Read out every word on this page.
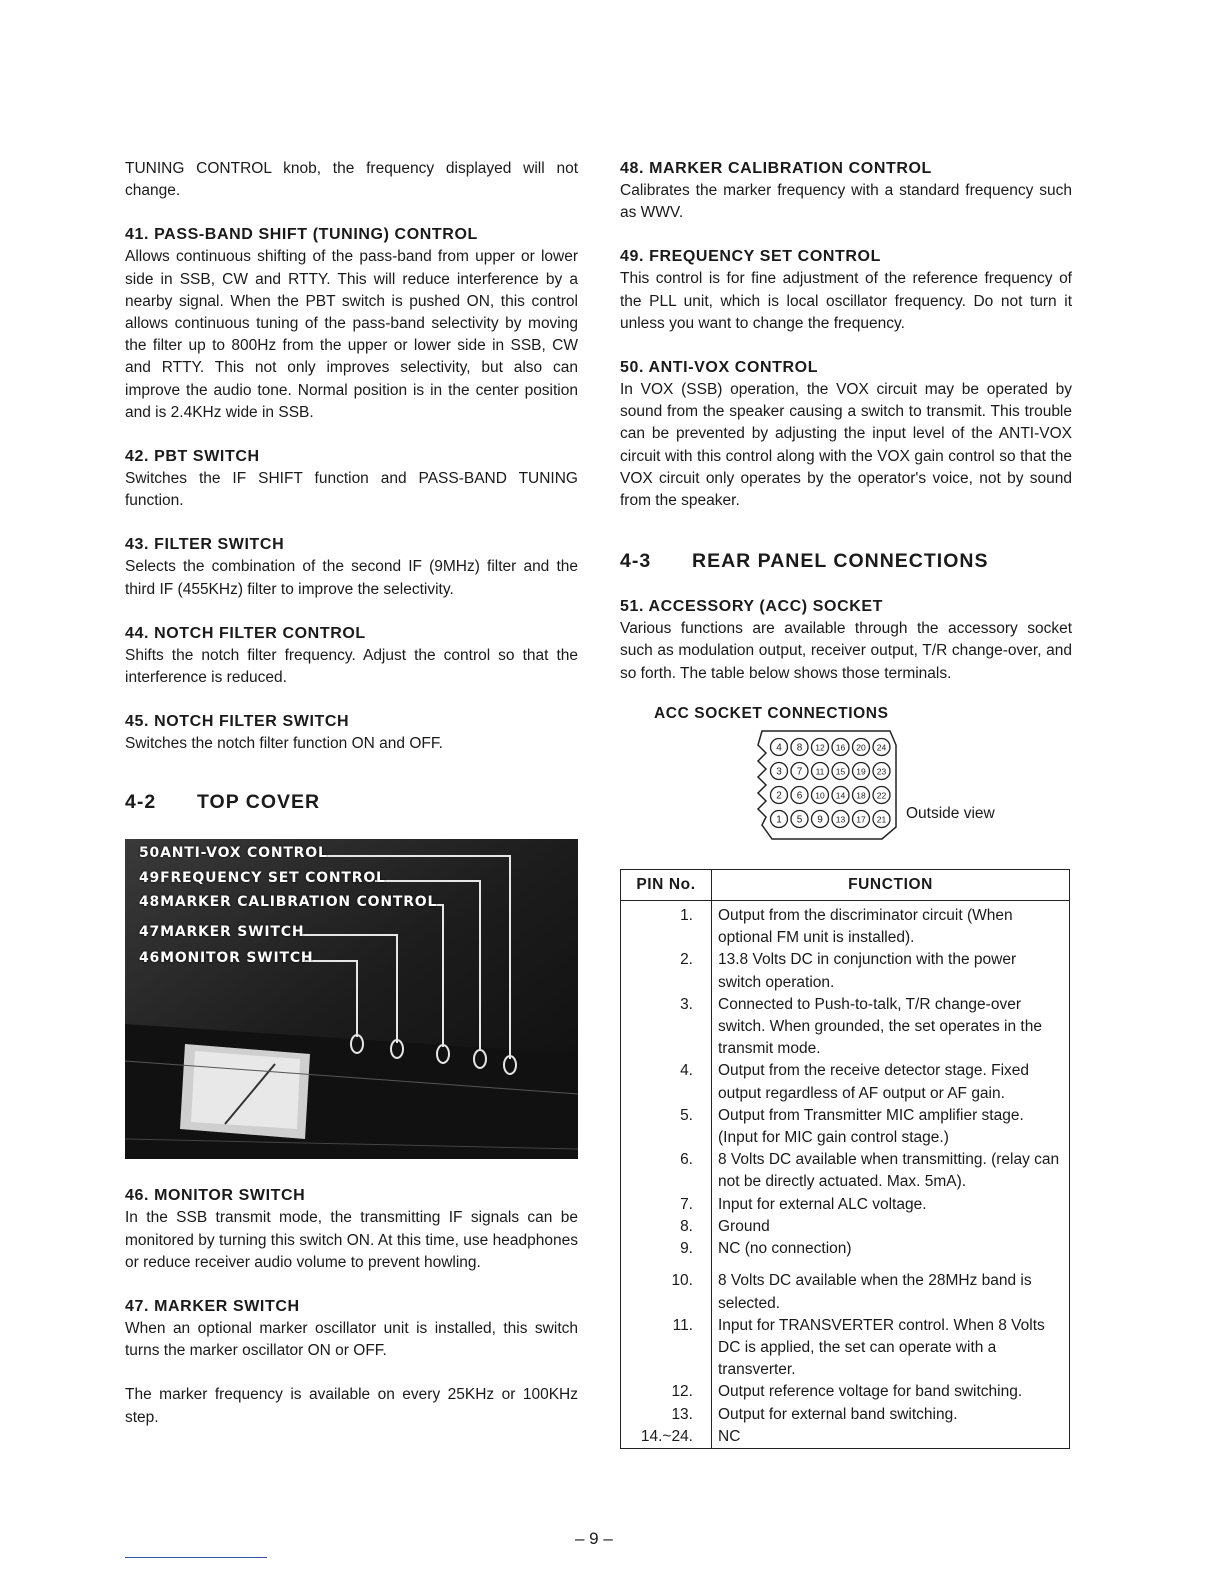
TUNING CONTROL knob, the frequency displayed will not change.

41. PASS-BAND SHIFT (TUNING) CONTROL

Allows continuous shifting of the pass-band from upper or lower side in SSB, CW and RTTY. This will reduce interference by a nearby signal. When the PBT switch is pushed ON, this control allows continuous tuning of the pass-band selectivity by moving the filter up to 800Hz from the upper or lower side in SSB, CW and RTTY. This not only improves selectivity, but also can improve the audio tone. Normal position is in the center position and is 2.4KHz wide in SSB.

42. PBT SWITCH

Switches the IF SHIFT function and PASS-BAND TUNING function.

43. FILTER SWITCH

Selects the combination of the second IF (9MHz) filter and the third IF (455KHz) filter to improve the selectivity.

44. NOTCH FILTER CONTROL

Shifts the notch filter frequency. Adjust the control so that the interference is reduced.

45. NOTCH FILTER SWITCH

Switches the notch filter function ON and OFF.

4-2 TOP COVER
50ANTI-VOX CONTROL
49FREQUENCY SET CONTROL
48MARKER CALIBRATION CONTROL
47MARKER SWITCH
46MONITOR SWITCH
46. MONITOR SWITCH

In the SSB transmit mode, the transmitting IF signals can be monitored by turning this switch ON. At this time, use headphones or reduce receiver audio volume to prevent howling.

47. MARKER SWITCH

When an optional marker oscillator unit is installed, this switch turns the marker oscillator ON or OFF.

The marker frequency is available on every 25KHz or 100KHz step.

48. MARKER CALIBRATION CONTROL

Calibrates the marker frequency with a standard frequency such as WWV.

49. FREQUENCY SET CONTROL

This control is for fine adjustment of the reference frequency of the PLL unit, which is local oscillator frequency. Do not turn it unless you want to change the frequency.

50. ANTI-VOX CONTROL

In VOX (SSB) operation, the VOX circuit may be operated by sound from the speaker causing a switch to transmit. This trouble can be prevented by adjusting the input level of the ANTI-VOX circuit with this control along with the VOX gain control so that the VOX circuit only operates by the operator's voice, not by sound from the speaker.

4-3 REAR PANEL CONNECTIONS
51. ACCESSORY (ACC) SOCKET

Various functions are available through the accessory socket such as modulation output, receiver output, T/R change-over, and so forth. The table below shows those terminals.

ACC SOCKET CONNECTIONS
4 8 12 16 20 24
3 7 11 15 19 23
2 6 10 14 18 22
1 5 9 13 17 21 Outside view
PIN No.	FUNCTION
1.	Output from the discriminator circuit (When optional FM unit is installed).
2.	13.8 Volts DC in conjunction with the power switch operation.
3.	Connected to Push-to-talk, T/R change-over switch. When grounded, the set operates in the transmit mode.
4.	Output from the receive detector stage. Fixed output regardless of AF output or AF gain.
5.	Output from Transmitter MIC amplifier stage. (Input for MIC gain control stage.)
6.	8 Volts DC available when transmitting. (relay can not be directly actuated. Max. 5mA).
7.	Input for external ALC voltage.
8.	Ground
9.	NC (no connection)
10.	8 Volts DC available when the 28MHz band is selected.
11.	Input for TRANSVERTER control. When 8 Volts DC is applied, the set can operate with a transverter.
12.	Output reference voltage for band switching.
13.	Output for external band switching.
14.~24.	NC
– 9 –
